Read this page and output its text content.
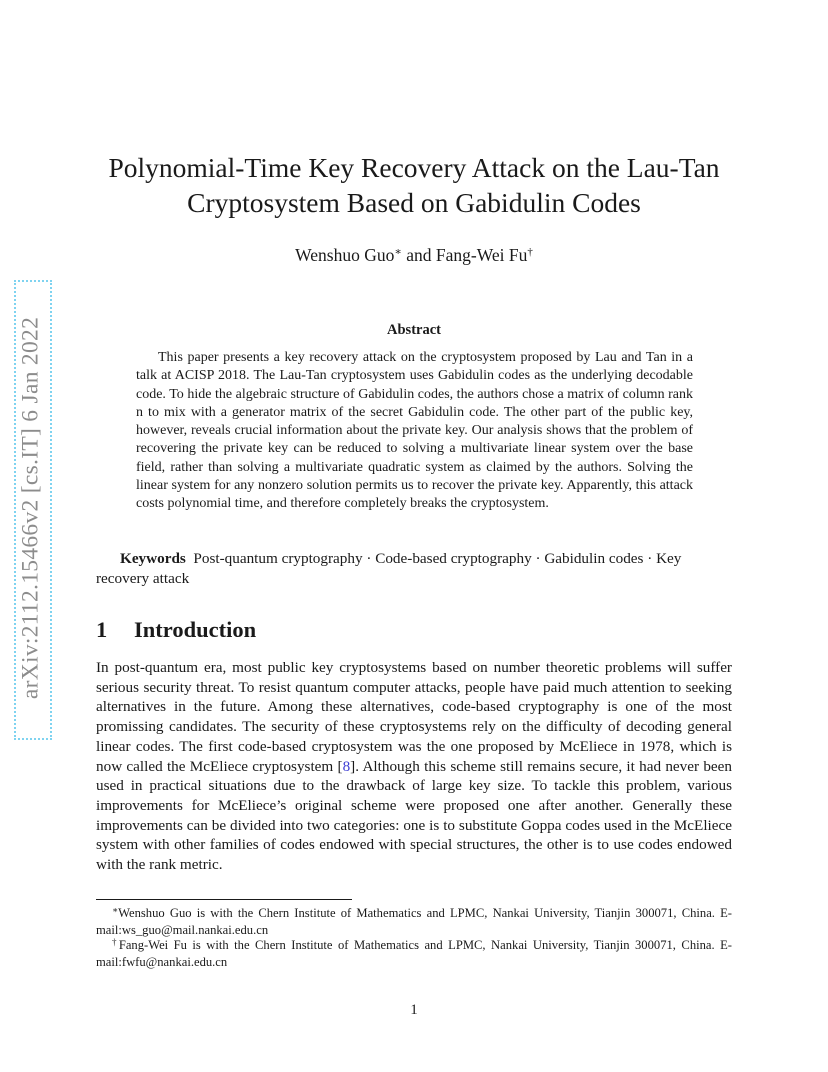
arXiv:2112.15466v2 [cs.IT] 6 Jan 2022
Polynomial-Time Key Recovery Attack on the Lau-Tan
Cryptosystem Based on Gabidulin Codes
Wenshuo Guo∗ and Fang-Wei Fu†
Abstract

This paper presents a key recovery attack on the cryptosystem proposed by Lau and Tan in a talk at ACISP 2018. The Lau-Tan cryptosystem uses Gabidulin codes as the underlying decodable code. To hide the algebraic structure of Gabidulin codes, the authors chose a matrix of column rank n to mix with a generator matrix of the secret Gabidulin code. The other part of the public key, however, reveals crucial information about the private key. Our analysis shows that the problem of recovering the private key can be reduced to solving a multivariate linear system over the base field, rather than solving a multivariate quadratic system as claimed by the authors. Solving the linear system for any nonzero solution permits us to recover the private key. Apparently, this attack costs polynomial time, and therefore completely breaks the cryptosystem.

Keywords Post-quantum cryptography · Code-based cryptography · Gabidulin codes · Key recovery attack

1 Introduction

In post-quantum era, most public key cryptosystems based on number theoretic problems will suffer serious security threat. To resist quantum computer attacks, people have paid much attention to seeking alternatives in the future. Among these alternatives, code-based cryptography is one of the most promissing candidates. The security of these cryptosystems rely on the difficulty of decoding general linear codes. The first code-based cryptosystem was the one proposed by McEliece in 1978, which is now called the McEliece cryptosystem [8]. Although this scheme still remains secure, it had never been used in practical situations due to the drawback of large key size. To tackle this problem, various improvements for McEliece’s original scheme were proposed one after another. Generally these improvements can be divided into two categories: one is to substitute Goppa codes used in the McEliece system with other families of codes endowed with special structures, the other is to use codes endowed with the rank metric.

∗Wenshuo Guo is with the Chern Institute of Mathematics and LPMC, Nankai University, Tianjin 300071, China. E-mail:ws_guo@mail.nankai.edu.cn

†Fang-Wei Fu is with the Chern Institute of Mathematics and LPMC, Nankai University, Tianjin 300071, China. E-mail:fwfu@nankai.edu.cn

1
